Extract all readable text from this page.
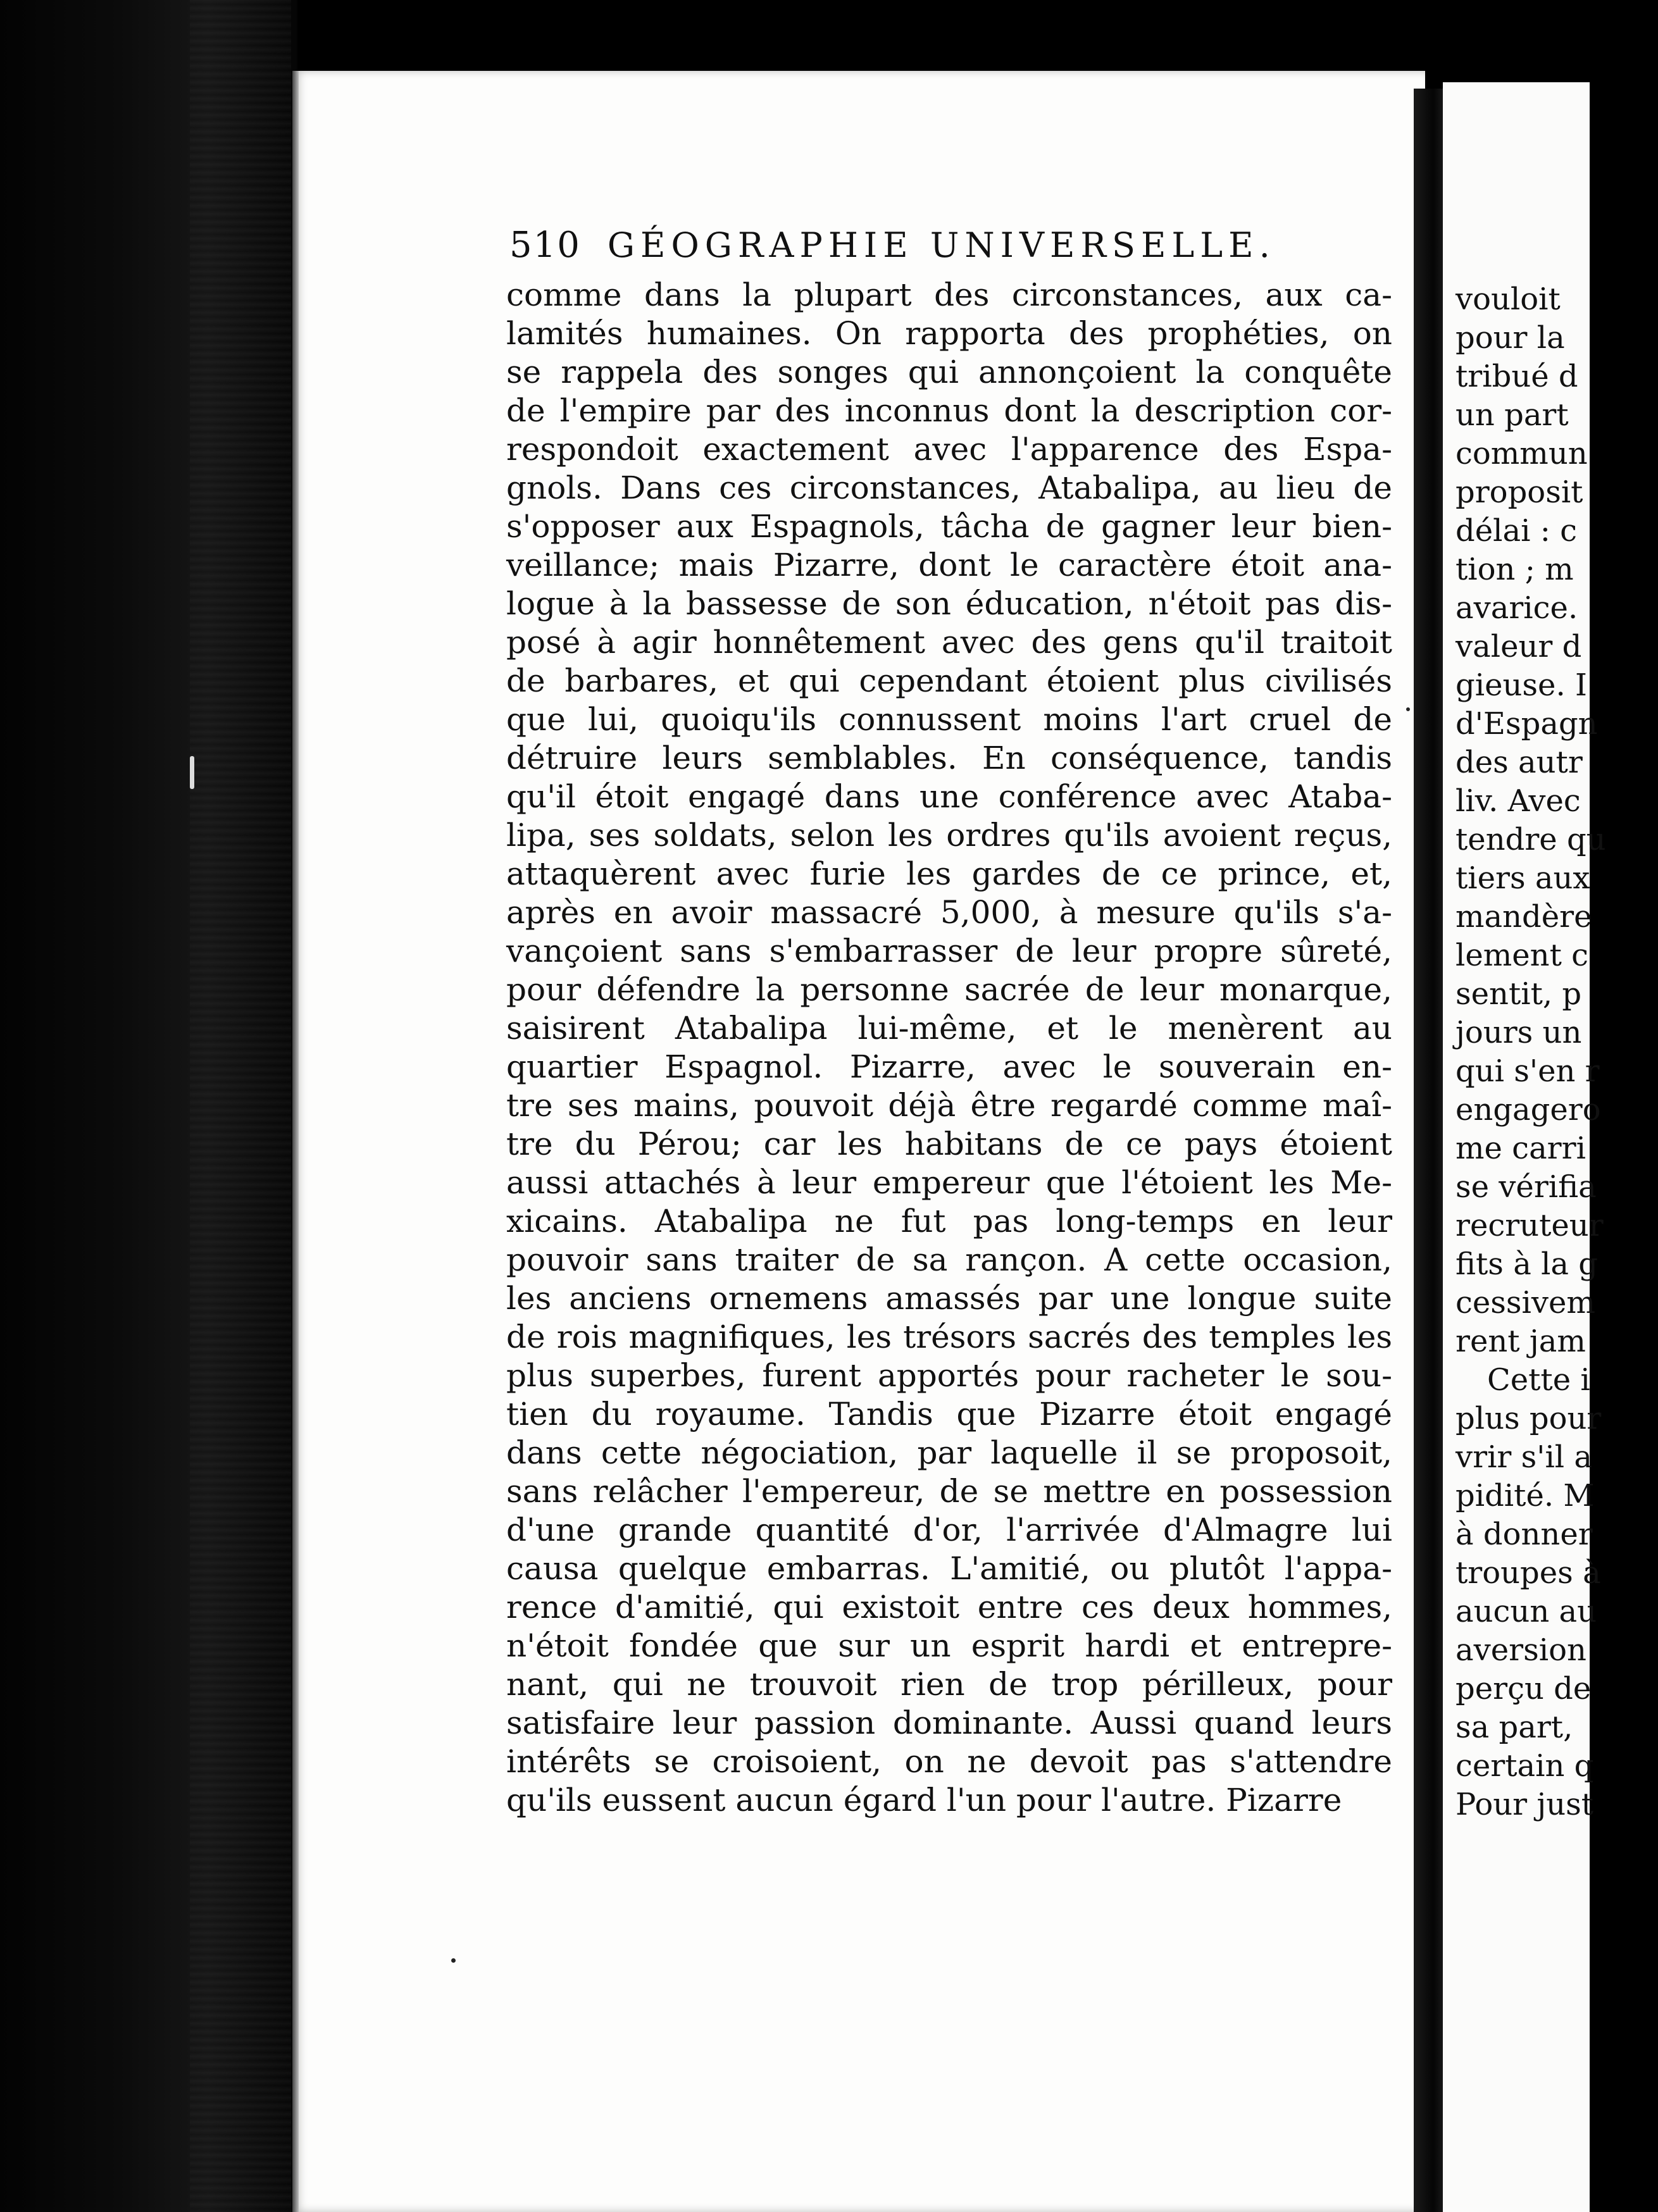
510 GÉOGRAPHIE UNIVERSELLE.
comme dans la plupart des circonstances, aux ca-
lamités humaines. On rapporta des prophéties, on
se rappela des songes qui annonçoient la conquête
de l'empire par des inconnus dont la description cor-
respondoit exactement avec l'apparence des Espa-
gnols. Dans ces circonstances, Atabalipa, au lieu de
s'opposer aux Espagnols, tâcha de gagner leur bien-
veillance; mais Pizarre, dont le caractère étoit ana-
logue à la bassesse de son éducation, n'étoit pas dis-
posé à agir honnêtement avec des gens qu'il traitoit
de barbares, et qui cependant étoient plus civilisés
que lui, quoiqu'ils connussent moins l'art cruel de
détruire leurs semblables. En conséquence, tandis
qu'il étoit engagé dans une conférence avec Ataba-
lipa, ses soldats, selon les ordres qu'ils avoient reçus,
attaquèrent avec furie les gardes de ce prince, et,
après en avoir massacré 5,000, à mesure qu'ils s'a-
vançoient sans s'embarrasser de leur propre sûreté,
pour défendre la personne sacrée de leur monarque,
saisirent Atabalipa lui-même, et le menèrent au
quartier Espagnol. Pizarre, avec le souverain en-
tre ses mains, pouvoit déjà être regardé comme maî-
tre du Pérou; car les habitans de ce pays étoient
aussi attachés à leur empereur que l'étoient les Me-
xicains. Atabalipa ne fut pas long-temps en leur
pouvoir sans traiter de sa rançon. A cette occasion,
les anciens ornemens amassés par une longue suite
de rois magnifiques, les trésors sacrés des temples les
plus superbes, furent apportés pour racheter le sou-
tien du royaume. Tandis que Pizarre étoit engagé
dans cette négociation, par laquelle il se proposoit,
sans relâcher l'empereur, de se mettre en possession
d'une grande quantité d'or, l'arrivée d'Almagre lui
causa quelque embarras. L'amitié, ou plutôt l'appa-
rence d'amitié, qui existoit entre ces deux hommes,
n'étoit fondée que sur un esprit hardi et entrepre-
nant, qui ne trouvoit rien de trop périlleux, pour
satisfaire leur passion dominante. Aussi quand leurs
intérêts se croisoient, on ne devoit pas s'attendre
qu'ils eussent aucun égard l'un pour l'autre. Pizarre
vouloit
pour la
tribué d
un part
commun
proposit
délai : c
tion ; m
avarice.
valeur d
gieuse. I
d'Espagn
des autr
liv. Avec
tendre qu
tiers aux
mandère
lement c
sentit, p
jours un
qui s'en r
engagero
me carri
se vérifia
recruteur
fits à la g
cessivem
rent jam
Cette i
plus pour
vrir s'il a
pidité. M
à donner
troupes à
aucun au
aversion
perçu de
sa part,
certain q
Pour just
